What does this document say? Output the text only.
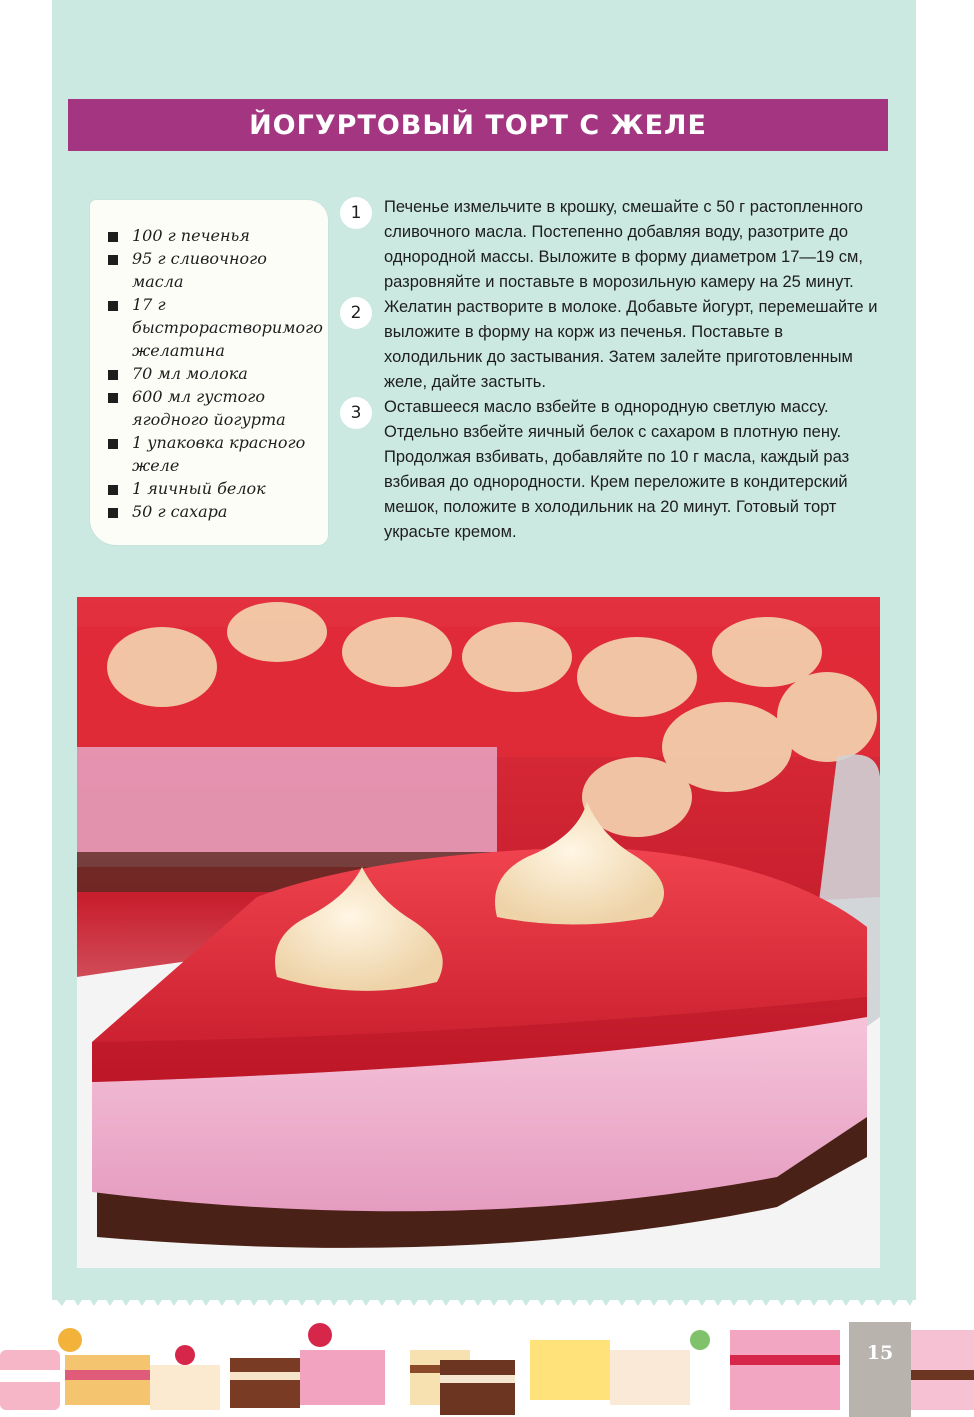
ЙОГУРТОВЫЙ ТОРТ С ЖЕЛЕ
100 г печенья
95 г сливочного масла
17 г быстрорастворимого желатина
70 мл молока
600 мл густого ягодного йогурта
1 упаковка красного желе
1 яичный белок
50 г сахара
1	Печенье измельчите в крошку, смешайте с 50 г растопленного сливочного масла. Постепенно добавляя воду, разотрите до однородной массы. Выложите в форму диаметром 17—19 см, разровняйте и поставьте в морозильную камеру на 25 минут.
2	Желатин растворите в молоке. Добавьте йогурт, перемешайте и выложите в форму на корж из печенья. Поставьте в холодильник до застывания. Затем залейте приготовленным желе, дайте застыть.
3	Оставшееся масло взбейте в однородную светлую массу. Отдельно взбейте яичный белок с сахаром в плотную пену. Продолжая взбивать, добавляйте по 10 г масла, каждый раз взбивая до однородности. Крем переложите в кондитерский мешок, положите в холодильник на 20 минут. Готовый торт украсьте кремом.
15
